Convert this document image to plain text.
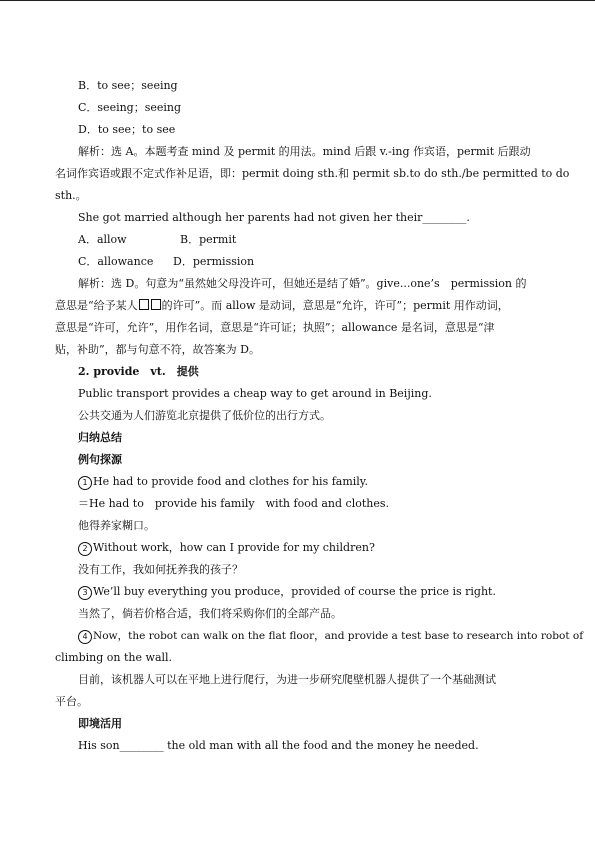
B．to see；seeing
C．seeing；seeing
D．to see；to see
解析：选 A。本题考查 mind 及 permit 的用法。mind 后跟 v.-ing 作宾语，permit 后跟动
名词作宾语或跟不定式作补足语，即：permit doing sth.和 permit sb.to do sth./be permitted to do
sth.。
She got married although her parents had not given her their________.
A．allow	B．permit
C．allowance D．permission
解析：选 D。句意为“虽然她父母没许可，但她还是结了婚”。give...one’s　permission 的
意思是“给予某人 的许可”。而 allow 是动词，意思是“允许，许可”；permit 用作动词，
意思是“许可，允许”，用作名词，意思是“许可证；执照”；allowance 是名词，意思是“津
贴，补助”，都与句意不符，故答案为 D。
2. provide　vt.　提供
Public transport provides a cheap way to get around in Beijing.
公共交通为人们游览北京提供了低价位的出行方式。
归纳总结
例句探源
1 He had to provide food and clothes for his family.
＝He had to　provide his family　with food and clothes.
他得养家糊口。
2 Without work，how can I provide for my children?
没有工作，我如何抚养我的孩子？
3 We’ll buy everything you produce，provided of course the price is right.
当然了，倘若价格合适，我们将采购你们的全部产品。
4 Now，the robot can walk on the flat floor，and provide a test base to research into robot of
climbing on the wall.
目前，该机器人可以在平地上进行爬行，为进一步研究爬壁机器人提供了一个基础测试
平台。
即境活用
His son________ the old man with all the food and the money he needed.
